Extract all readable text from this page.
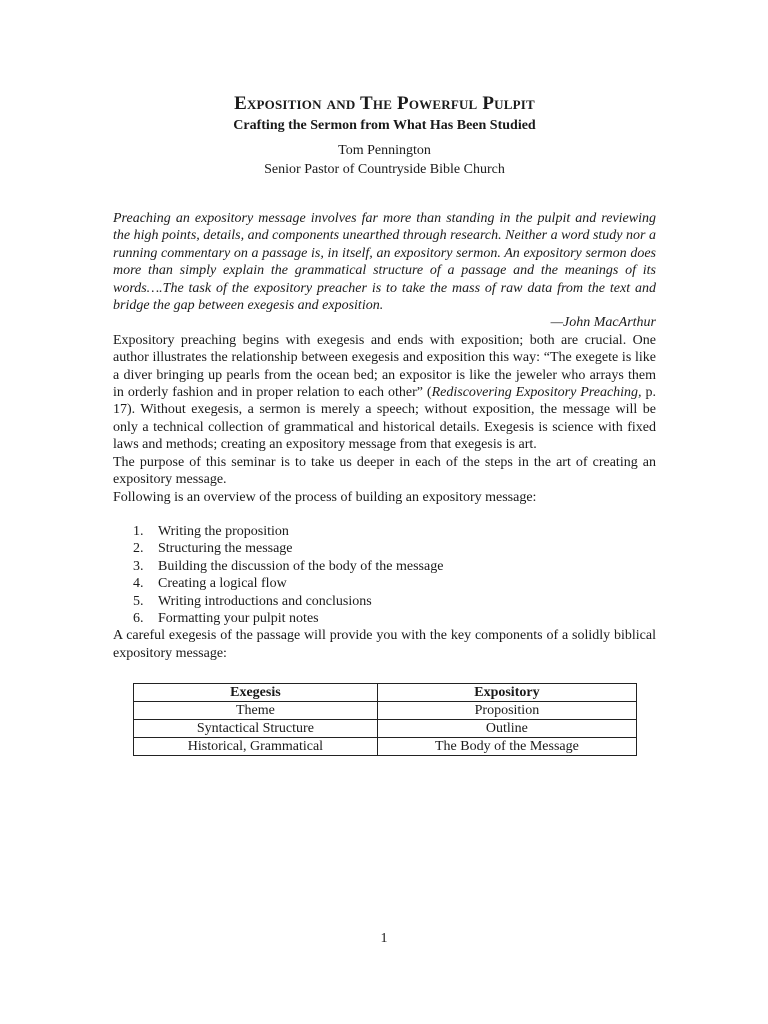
Exposition and The Powerful Pulpit
Crafting the Sermon from What Has Been Studied
Tom Pennington
Senior Pastor of Countryside Bible Church
Preaching an expository message involves far more than standing in the pulpit and reviewing the high points, details, and components unearthed through research. Neither a word study nor a running commentary on a passage is, in itself, an expository sermon. An expository sermon does more than simply explain the grammatical structure of a passage and the meanings of its words….The task of the expository preacher is to take the mass of raw data from the text and bridge the gap between exegesis and exposition.
—John MacArthur

Expository preaching begins with exegesis and ends with exposition; both are crucial. One author illustrates the relationship between exegesis and exposition this way: “The exegete is like a diver bringing up pearls from the ocean bed; an expositor is like the jeweler who arrays them in orderly fashion and in proper relation to each other” (Rediscovering Expository Preaching, p. 17). Without exegesis, a sermon is merely a speech; without exposition, the message will be only a technical collection of grammatical and historical details. Exegesis is science with fixed laws and methods; creating an expository message from that exegesis is art.

The purpose of this seminar is to take us deeper in each of the steps in the art of creating an expository message.

Following is an overview of the process of building an expository message:

1. Writing the proposition
2. Structuring the message
3. Building the discussion of the body of the message
4. Creating a logical flow
5. Writing introductions and conclusions
6. Formatting your pulpit notes

A careful exegesis of the passage will provide you with the key components of a solidly biblical expository message:

Exegesis	Expository
Theme	Proposition
Syntactical Structure	Outline
Historical, Grammatical	The Body of the Message
1
